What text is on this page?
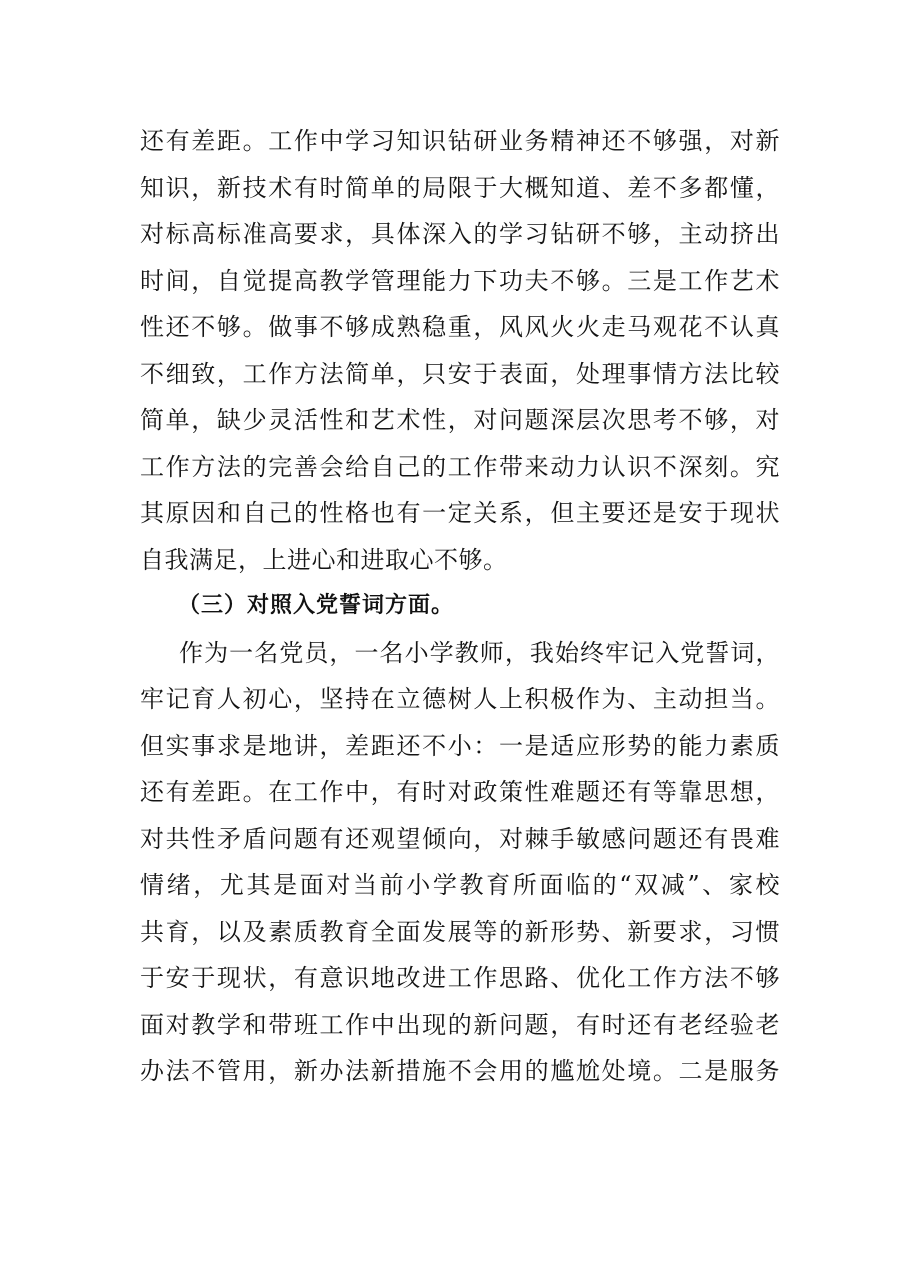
还有差距。工作中学习知识钻研业务精神还不够强，对新
知识，新技术有时简单的局限于大概知道、差不多都懂，
对标高标准高要求，具体深入的学习钻研不够，主动挤出
时间，自觉提高教学管理能力下功夫不够。三是工作艺术
性还不够。做事不够成熟稳重，风风火火走马观花不认真
不细致，工作方法简单，只安于表面，处理事情方法比较
简单，缺少灵活性和艺术性，对问题深层次思考不够，对
工作方法的完善会给自己的工作带来动力认识不深刻。究
其原因和自己的性格也有一定关系，但主要还是安于现状
自我满足，上进心和进取心不够。
（三）对照入党誓词方面。
作为一名党员，一名小学教师，我始终牢记入党誓词，
牢记育人初心，坚持在立德树人上积极作为、主动担当。
但实事求是地讲，差距还不小：一是适应形势的能力素质
还有差距。在工作中，有时对政策性难题还有等靠思想，
对共性矛盾问题有还观望倾向，对棘手敏感问题还有畏难
情绪，尤其是面对当前小学教育所面临的“双减”、家校
共育，以及素质教育全面发展等的新形势、新要求，习惯
于安于现状，有意识地改进工作思路、优化工作方法不够
面对教学和带班工作中出现的新问题，有时还有老经验老
办法不管用，新办法新措施不会用的尴尬处境。二是服务
